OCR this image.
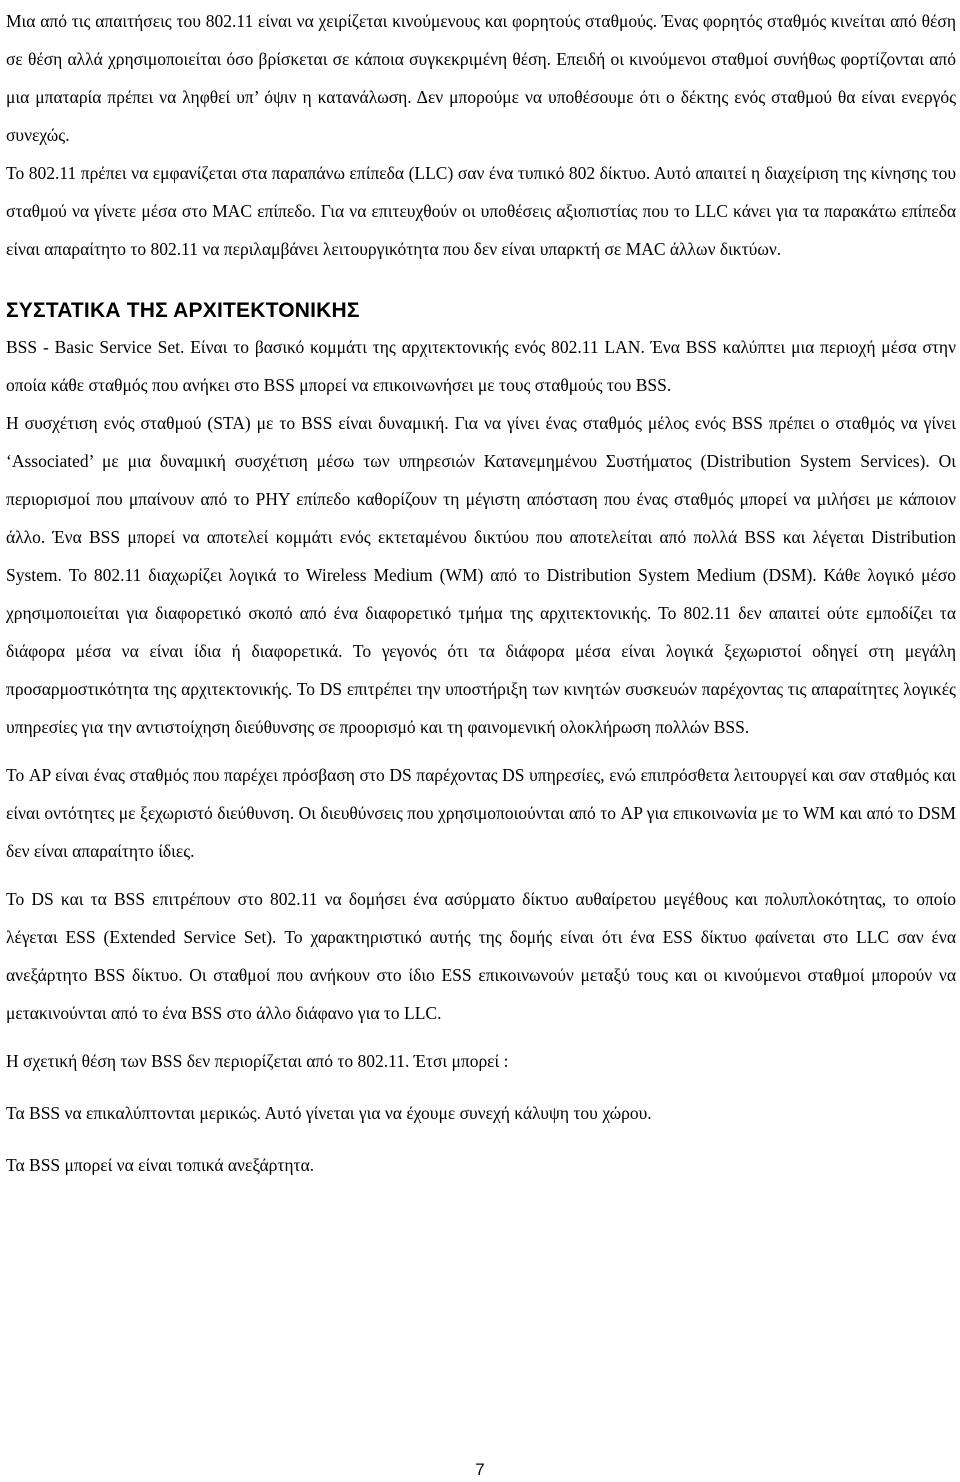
Μια από τις απαιτήσεις του 802.11 είναι να χειρίζεται κινούμενους και φορητούς σταθμούς. Ένας φορητός σταθμός κινείται από θέση σε θέση αλλά χρησιμοποιείται όσο βρίσκεται σε κάποια συγκεκριμένη θέση. Επειδή οι κινούμενοι σταθμοί συνήθως φορτίζονται από μια μπαταρία πρέπει να ληφθεί υπ’ όψιν η κατανάλωση. Δεν μπορούμε να υποθέσουμε ότι ο δέκτης ενός σταθμού θα είναι ενεργός συνεχώς.

Το 802.11 πρέπει να εμφανίζεται στα παραπάνω επίπεδα (LLC) σαν ένα τυπικό 802 δίκτυο. Αυτό απαιτεί η διαχείριση της κίνησης του σταθμού να γίνετε μέσα στο MAC επίπεδο. Για να επιτευχθούν οι υποθέσεις αξιοπιστίας που το LLC κάνει για τα παρακάτω επίπεδα είναι απαραίτητο το 802.11 να περιλαμβάνει λειτουργικότητα που δεν είναι υπαρκτή σε MAC άλλων δικτύων.

ΣΥΣΤΑΤΙΚΑ ΤΗΣ ΑΡΧΙΤΕΚΤΟΝΙΚΗΣ

BSS - Basic Service Set. Είναι το βασικό κομμάτι της αρχιτεκτονικής ενός 802.11 LAN. Ένα BSS καλύπτει μια περιοχή μέσα στην οποία κάθε σταθμός που ανήκει στο BSS μπορεί να επικοινωνήσει με τους σταθμούς του BSS.

Η συσχέτιση ενός σταθμού (STA) με το BSS είναι δυναμική. Για να γίνει ένας σταθμός μέλος ενός BSS πρέπει ο σταθμός να γίνει ‘Associated’ με μια δυναμική συσχέτιση μέσω των υπηρεσιών Κατανεμημένου Συστήματος (Distribution System Services). Οι περιορισμοί που μπαίνουν από το PHY επίπεδο καθορίζουν τη μέγιστη απόσταση που ένας σταθμός μπορεί να μιλήσει με κάποιον άλλο. Ένα BSS μπορεί να αποτελεί κομμάτι ενός εκτεταμένου δικτύου που αποτελείται από πολλά BSS και λέγεται Distribution System. Το 802.11 διαχωρίζει λογικά το Wireless Medium (WM) από το Distribution System Medium (DSM). Κάθε λογικό μέσο χρησιμοποιείται για διαφορετικό σκοπό από ένα διαφορετικό τμήμα της αρχιτεκτονικής. Το 802.11 δεν απαιτεί ούτε εμποδίζει τα διάφορα μέσα να είναι ίδια ή διαφορετικά. Το γεγονός ότι τα διάφορα μέσα είναι λογικά ξεχωριστοί οδηγεί στη μεγάλη προσαρμοστικότητα της αρχιτεκτονικής. Το DS επιτρέπει την υποστήριξη των κινητών συσκευών παρέχοντας τις απαραίτητες λογικές υπηρεσίες για την αντιστοίχηση διεύθυνσης σε προορισμό και τη φαινομενική ολοκλήρωση πολλών BSS.

Το AP είναι ένας σταθμός που παρέχει πρόσβαση στο DS παρέχοντας DS υπηρεσίες, ενώ επιπρόσθετα λειτουργεί και σαν σταθμός και είναι οντότητες με ξεχωριστό διεύθυνση. Οι διευθύνσεις που χρησιμοποιούνται από το AP για επικοινωνία με το WM και από το DSM δεν είναι απαραίτητο ίδιες.

Το DS και τα BSS επιτρέπουν στο 802.11 να δομήσει ένα ασύρματο δίκτυο αυθαίρετου μεγέθους και πολυπλοκότητας, το οποίο λέγεται ESS (Extended Service Set). Το χαρακτηριστικό αυτής της δομής είναι ότι ένα ESS δίκτυο φαίνεται στο LLC σαν ένα ανεξάρτητο BSS δίκτυο. Οι σταθμοί που ανήκουν στο ίδιο ESS επικοινωνούν μεταξύ τους και οι κινούμενοι σταθμοί μπορούν να μετακινούνται από το ένα BSS στο άλλο διάφανο για το LLC.

Η σχετική θέση των BSS δεν περιορίζεται από το 802.11. Έτσι μπορεί :

Τα BSS να επικαλύπτονται μερικώς. Αυτό γίνεται για να έχουμε συνεχή κάλυψη του χώρου.

Τα BSS μπορεί να είναι τοπικά ανεξάρτητα.

7
